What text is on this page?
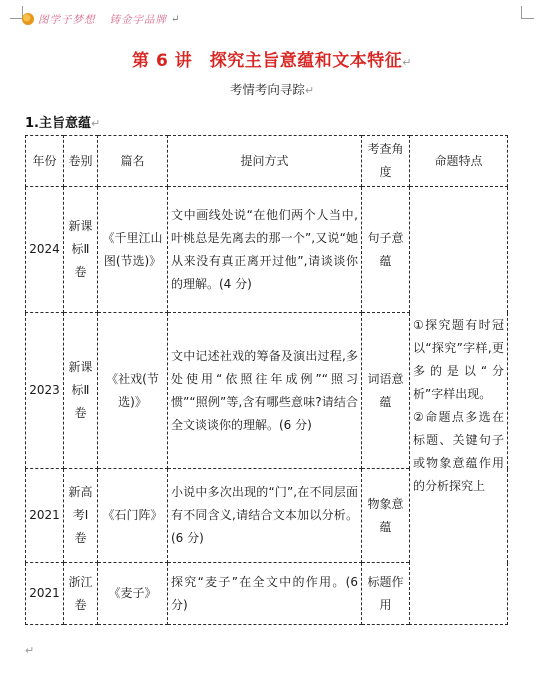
图学子梦想 铸金字品牌 ↵
第 6 讲　探究主旨意蕴和文本特征↵
考情考向寻踪↵
1.主旨意蕴↵
年份	卷别	篇名	提问方式	考查角度	命题特点
2024	新课标Ⅱ卷	《千里江山图(节选)》	文中画线处说“在他们两个人当中,叶桃总是先离去的那一个”,又说“她从来没有真正离开过他”,请谈谈你的理解。(4 分)	句子意蕴	①探究题有时冠以“探究”字样,更多的是以“分析”字样出现。
②命题点多选在标题、关键句子或物象意蕴作用的分析探究上

2023	新课标Ⅱ卷	《社戏(节选)》	文中记述社戏的筹备及演出过程,多处使用“依照往年成例”“照习惯”“照例”等,含有哪些意味?请结合全文谈谈你的理解。(6 分)	词语意蕴	
2021	新高考Ⅰ卷	《石门阵》	小说中多次出现的“门”,在不同层面有不同含义,请结合文本加以分析。(6 分)	物象意蕴	
2021	浙江卷	《麦子》	探究“麦子”在全文中的作用。(6 分)	标题作用	
↵
